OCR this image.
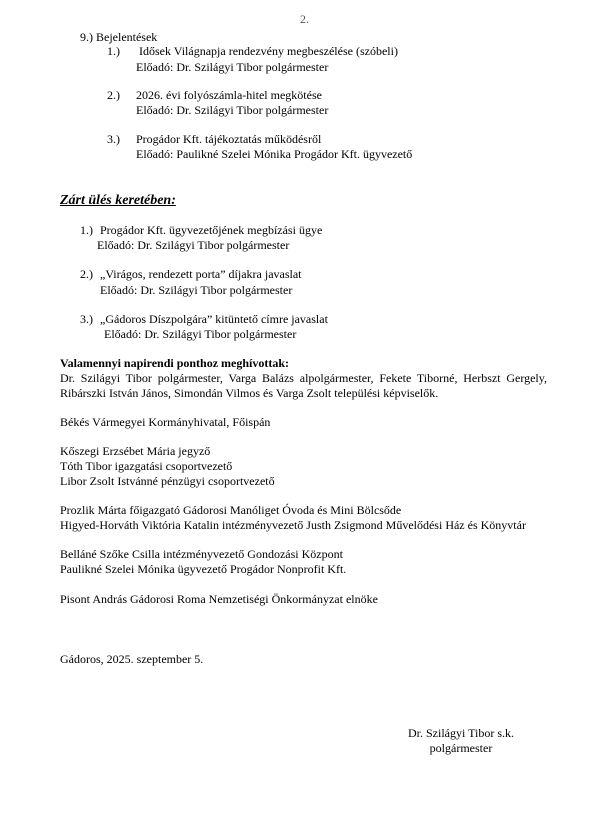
2.
9.) Bejelentések
1.) Idősek Világnapja rendezvény megbeszélése (szóbeli)
Előadó: Dr. Szilágyi Tibor polgármester
2.) 2026. évi folyószámla-hitel megkötése
Előadó: Dr. Szilágyi Tibor polgármester
3.) Progádor Kft. tájékoztatás működésről
Előadó: Paulikné Szelei Mónika Progádor Kft. ügyvezető
Zárt ülés keretében:
1.) Progádor Kft. ügyvezetőjének megbízási ügye
Előadó: Dr. Szilágyi Tibor polgármester
2.) „Virágos, rendezett porta” díjakra javaslat
Előadó: Dr. Szilágyi Tibor polgármester
3.) „Gádoros Díszpolgára” kitüntető címre javaslat
Előadó: Dr. Szilágyi Tibor polgármester
Valamennyi napirendi ponthoz meghívottak:
Dr. Szilágyi Tibor polgármester, Varga Balázs alpolgármester, Fekete Tiborné, Herbszt Gergely, Ribárszki István János, Simondán Vilmos és Varga Zsolt települési képviselők.
Békés Vármegyei Kormányhivatal, Főispán
Kőszegi Erzsébet Mária jegyző
Tóth Tibor igazgatási csoportvezető
Libor Zsolt Istvánné pénzügyi csoportvezető
Prozlik Márta főigazgató Gádorosi Manóliget Óvoda és Mini Bölcsőde
Higyed-Horváth Viktória Katalin intézményvezető Justh Zsigmond Művelődési Ház és Könyvtár
Belláné Szőke Csilla intézményvezető Gondozási Központ
Paulikné Szelei Mónika ügyvezető Progádor Nonprofit Kft.
Pisont András Gádorosi Roma Nemzetiségi Önkormányzat elnöke
Gádoros, 2025. szeptember 5.
Dr. Szilágyi Tibor s.k.
polgármester
